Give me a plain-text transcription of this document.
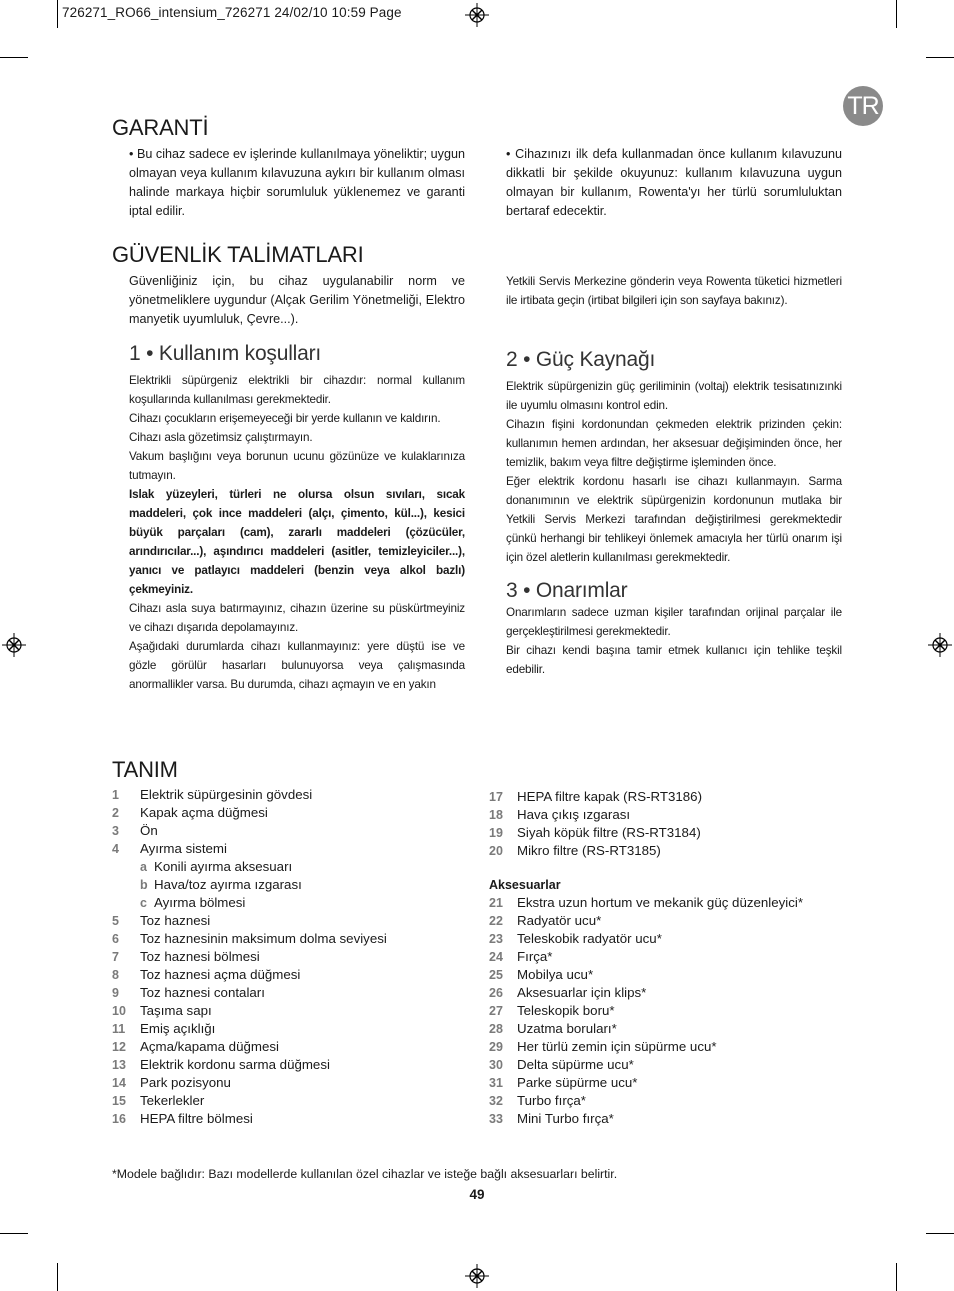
726271_RO66_intensium_726271 24/02/10 10:59 Page
TR
GARANTİ

• Bu cihaz sadece ev işlerinde kullanılmaya yöneliktir; uygun olmayan veya kullanım kılavuzuna aykırı bir kullanım olması halinde markaya hiçbir sorumluluk yüklenemez ve garanti iptal edilir.

• Cihazınızı ilk defa kullanmadan önce kullanım kılavuzunu dikkatli bir şekilde okuyunuz: kullanım kılavuzuna uygun olmayan bir kullanım, Rowenta'yı her türlü sorumluluktan bertaraf edecektir.

GÜVENLİK TALİMATLARI

Güvenliğiniz için, bu cihaz uygulanabilir norm ve yönetmeliklere uygundur (Alçak Gerilim Yönetmeliği, Elektro manyetik uyumluluk, Çevre...).

Yetkili Servis Merkezine gönderin veya Rowenta tüketici hizmetleri ile irtibata geçin (irtibat bilgileri için son sayfaya bakınız).

1 • Kullanım koşulları

Elektrikli süpürgeniz elektrikli bir cihazdır: normal kullanım koşullarında kullanılması gerekmektedir.

Cihazı çocukların erişemeyeceği bir yerde kullanın ve kaldırın.

Cihazı asla gözetimsiz çalıştırmayın.

Vakum başlığını veya borunun ucunu gözünüze ve kulaklarınıza tutmayın.

Islak yüzeyleri, türleri ne olursa olsun sıvıları, sıcak maddeleri, çok ince maddeleri (alçı, çimento, kül...), kesici büyük parçaları (cam), zararlı maddeleri (çözücüler, arındırıcılar...), aşındırıcı maddeleri (asitler, temizleyiciler...), yanıcı ve patlayıcı maddeleri (benzin veya alkol bazlı) çekmeyiniz.

Cihazı asla suya batırmayınız, cihazın üzerine su püskürtmeyiniz ve cihazı dışarıda depolamayınız.

Aşağıdaki durumlarda cihazı kullanmayınız: yere düştü ise ve gözle görülür hasarları bulunuyorsa veya çalışmasında anormallikler varsa. Bu durumda, cihazı açmayın ve en yakın

2 • Güç Kaynağı

Elektrik süpürgenizin güç geriliminin (voltaj) elektrik tesisatınızınki ile uyumlu olmasını kontrol edin.

Cihazın fişini kordonundan çekmeden elektrik prizinden çekin: kullanımın hemen ardından, her aksesuar değişiminden önce, her temizlik, bakım veya filtre değiştirme işleminden önce.

Eğer elektrik kordonu hasarlı ise cihazı kullanmayın. Sarma donanımının ve elektrik süpürgenizin kordonunun mutlaka bir Yetkili Servis Merkezi tarafından değiştirilmesi gerekmektedir çünkü herhangi bir tehlikeyi önlemek amacıyla her türlü onarım işi için özel aletlerin kullanılması gerekmektedir.

3 • Onarımlar

Onarımların sadece uzman kişiler tarafından orijinal parçalar ile gerçekleştirilmesi gerekmektedir.

Bir cihazı kendi başına tamir etmek kullanıcı için tehlike teşkil edebilir.

TANIM
1 Elektrik süpürgesinin gövdesi
2 Kapak açma düğmesi
3 Ön
4 Ayırma sistemi
a Konili ayırma aksesuarı
b Hava/toz ayırma ızgarası
c Ayırma bölmesi
5 Toz haznesi
6 Toz haznesinin maksimum dolma seviyesi
7 Toz haznesi bölmesi
8 Toz haznesi açma düğmesi
9 Toz haznesi contaları
10 Taşıma sapı
11 Emiş açıklığı
12 Açma/kapama düğmesi
13 Elektrik kordonu sarma düğmesi
14 Park pozisyonu
15 Tekerlekler
16 HEPA filtre bölmesi
17 HEPA filtre kapak (RS-RT3186)
18 Hava çıkış ızgarası
19 Siyah köpük filtre (RS-RT3184)
20 Mikro filtre (RS-RT3185)
Aksesuarlar
21 Ekstra uzun hortum ve mekanik güç düzenleyici*
22 Radyatör ucu*
23 Teleskobik radyatör ucu*
24 Fırça*
25 Mobilya ucu*
26 Aksesuarlar için klips*
27 Teleskopik boru*
28 Uzatma boruları*
29 Her türlü zemin için süpürme ucu*
30 Delta süpürme ucu*
31 Parke süpürme ucu*
32 Turbo fırça*
33 Mini Turbo fırça*
*Modele bağlıdır: Bazı modellerde kullanılan özel cihazlar ve isteğe bağlı aksesuarları belirtir.
49
